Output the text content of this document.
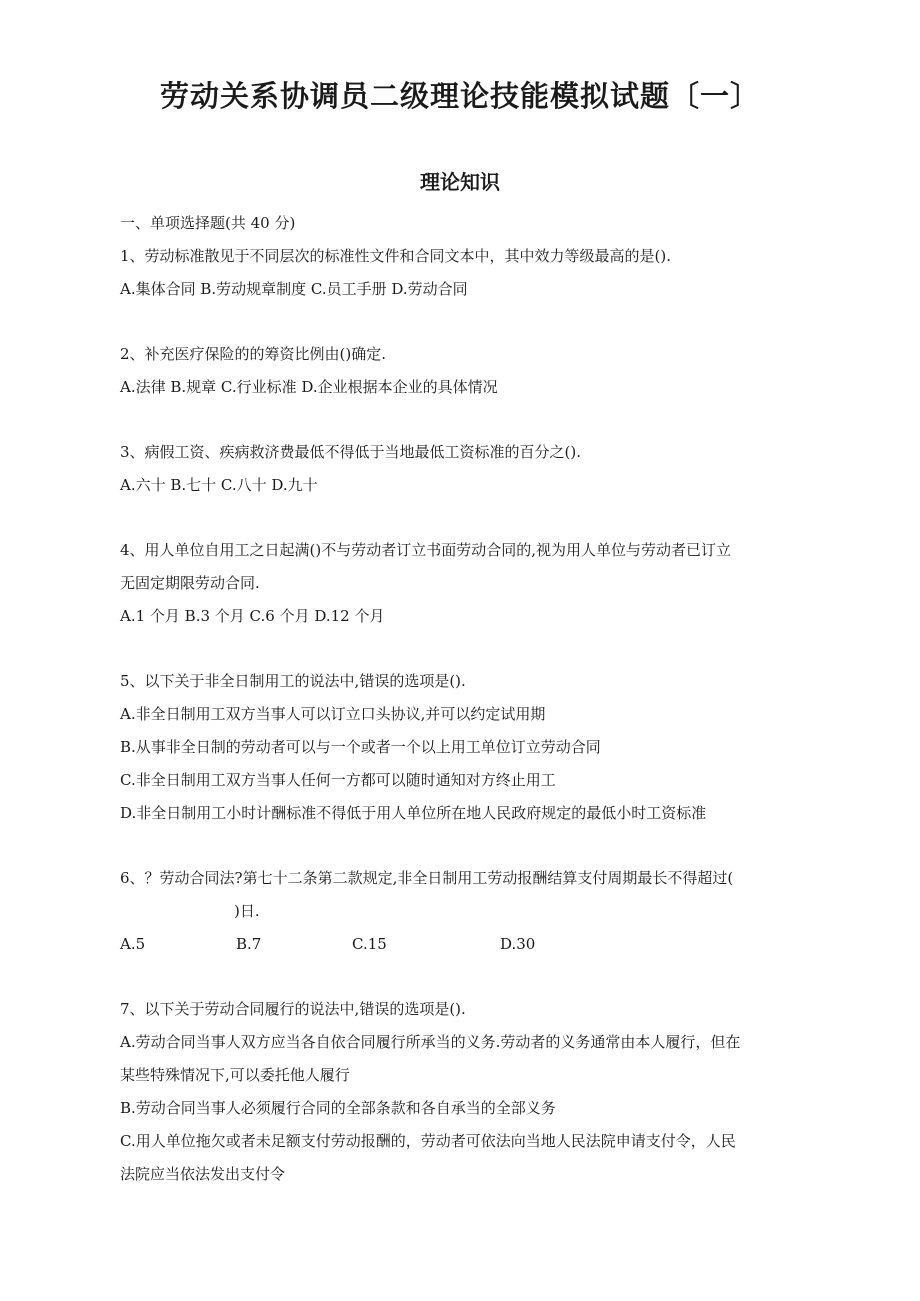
劳动关系协调员二级理论技能模拟试题〔一〕
理论知识
一、单项选择题(共 40 分)
1、劳动标准散见于不同层次的标准性文件和合同文本中，其中效力等级最高的是().
A.集体合同 B.劳动规章制度 C.员工手册 D.劳动合同
2、补充医疗保险的的筹资比例由()确定.
A.法律 B.规章 C.行业标准 D.企业根据本企业的具体情况
3、病假工资、疾病救济费最低不得低于当地最低工资标准的百分之().
A.六十 B.七十 C.八十 D.九十
4、用人单位自用工之日起满()不与劳动者订立书面劳动合同的,视为用人单位与劳动者已订立
无固定期限劳动合同.
A.1 个月 B.3 个月 C.6 个月 D.12 个月
5、以下关于非全日制用工的说法中,错误的选项是().
A.非全日制用工双方当事人可以订立口头协议,并可以约定试用期
B.从事非全日制的劳动者可以与一个或者一个以上用工单位订立劳动合同
C.非全日制用工双方当事人任何一方都可以随时通知对方终止用工
D.非全日制用工小时计酬标准不得低于用人单位所在地人民政府规定的最低小时工资标准
6、？劳动合同法?第七十二条第二款规定,非全日制用工劳动报酬结算支付周期最长不得超过(
)日.
A.5	B.7	C.15	D.30
7、以下关于劳动合同履行的说法中,错误的选项是().
A.劳动合同当事人双方应当各自依合同履行所承当的义务.劳动者的义务通常由本人履行，但在
某些特殊情况下,可以委托他人履行
B.劳动合同当事人必须履行合同的全部条款和各自承当的全部义务
C.用人单位拖欠或者未足额支付劳动报酬的，劳动者可依法向当地人民法院申请支付令，人民
法院应当依法发出支付令
